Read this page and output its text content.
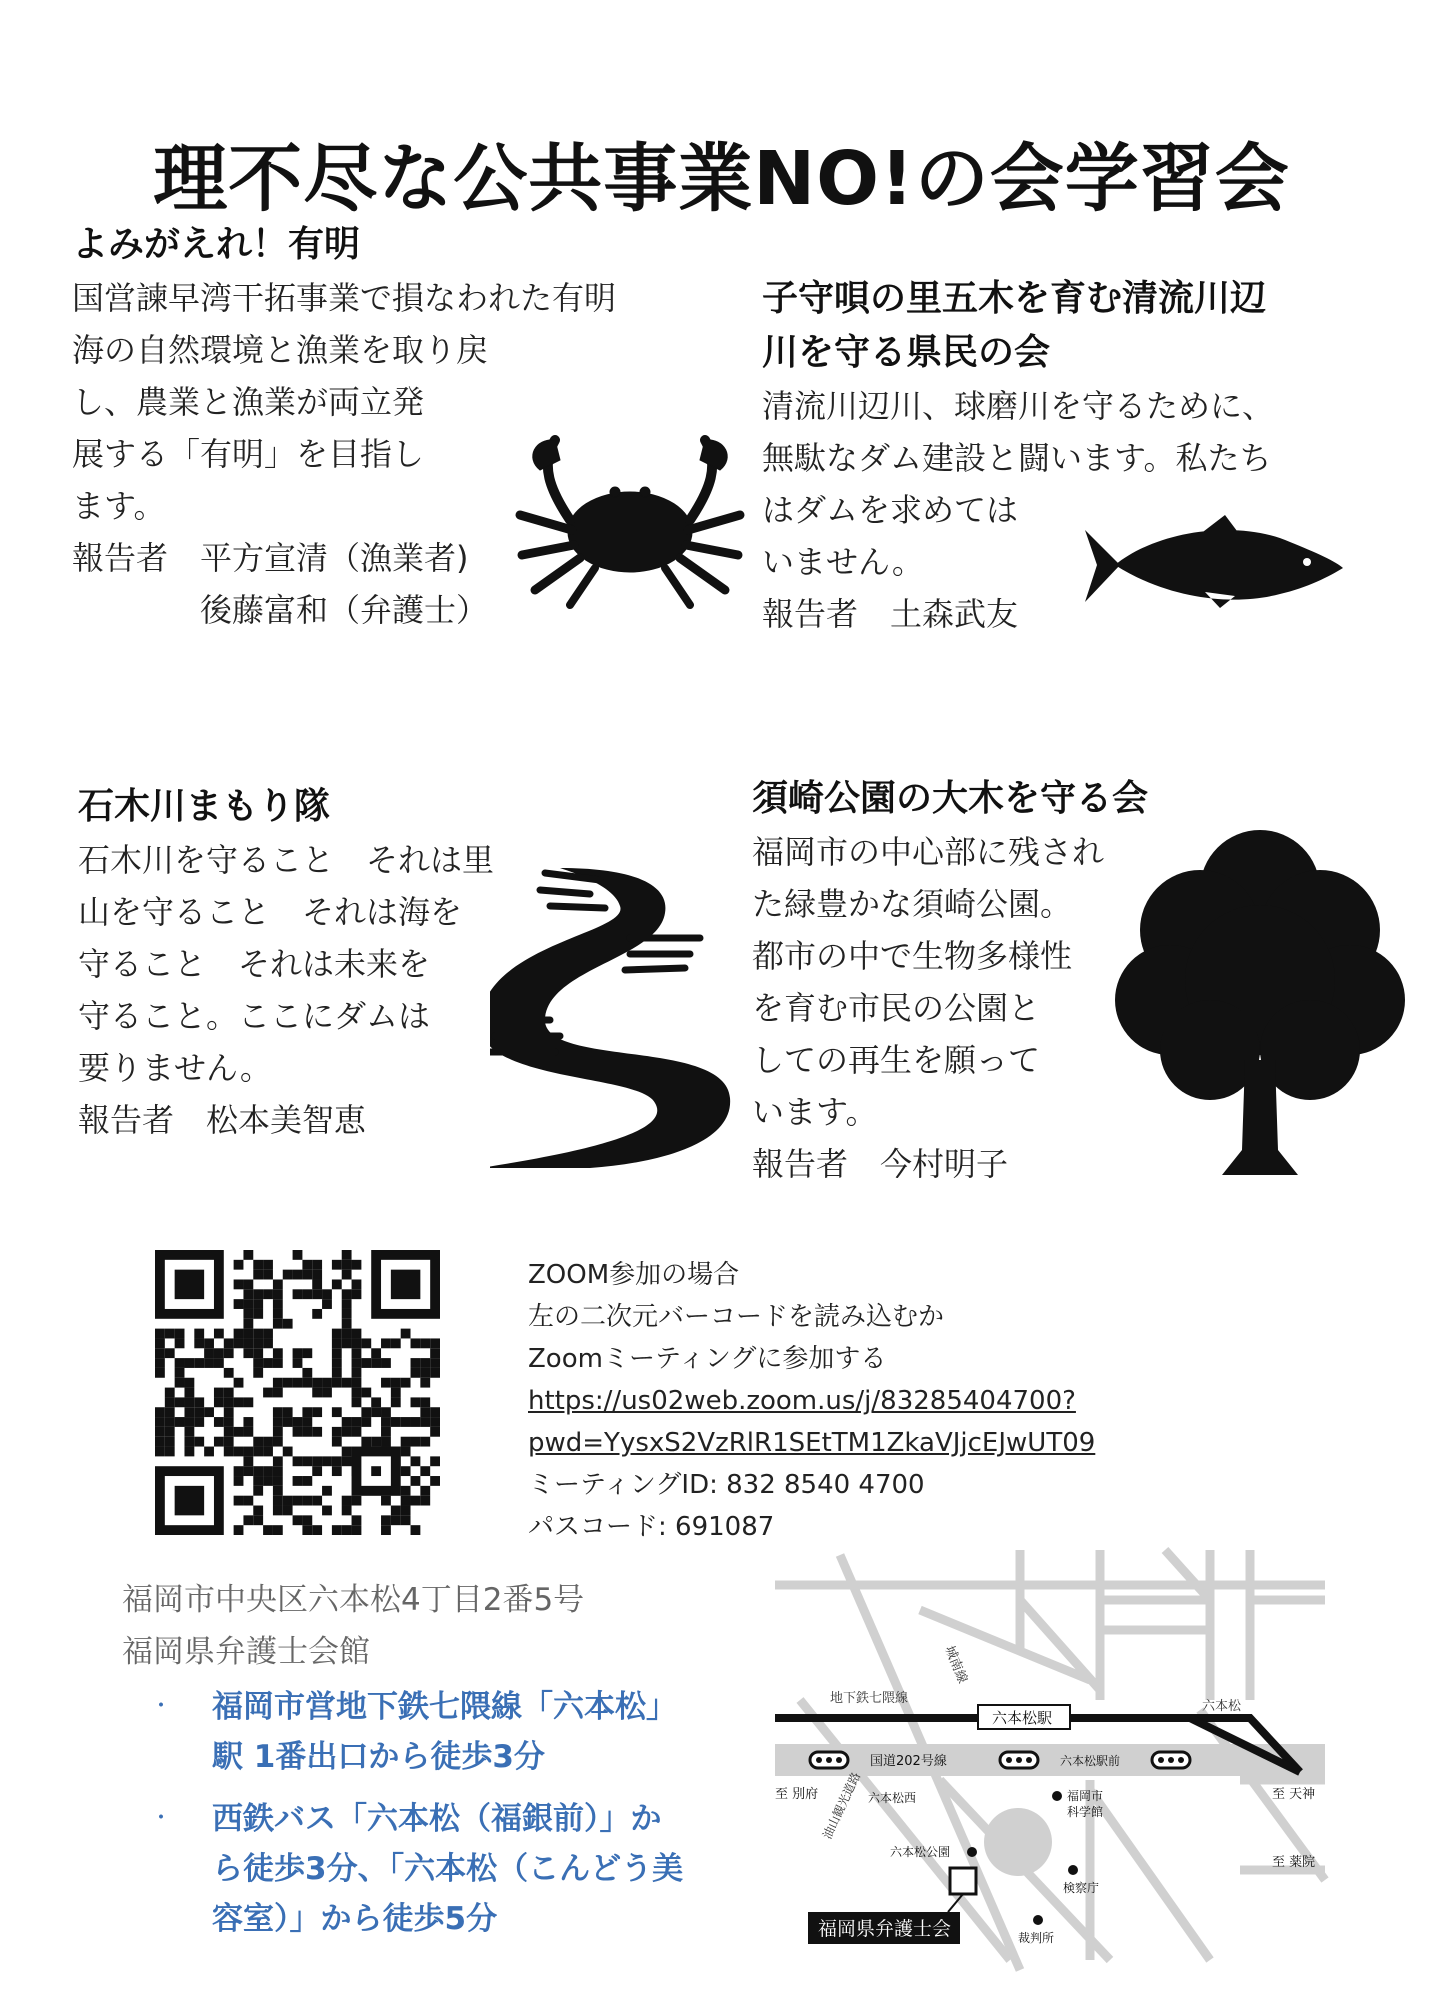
理不尽な公共事業NO!の会学習会
よみがえれ！有明
国営諫早湾干拓事業で損なわれた有明
海の自然環境と漁業を取り戻
し、農業と漁業が両立発
展する「有明」を目指し
ます。
報告者　平方宣清（漁業者)
　　　　後藤富和（弁護士）
子守唄の里五木を育む清流川辺
川を守る県民の会
清流川辺川、球磨川を守るために、
無駄なダム建設と闘います。私たち
はダムを求めては
いません。
報告者　土森武友
石木川まもり隊
石木川を守ること　それは里
山を守ること　それは海を
守ること　それは未来を
守ること。ここにダムは
要りません。
報告者　松本美智恵
須崎公園の大木を守る会
福岡市の中心部に残され
た緑豊かな須崎公園。
都市の中で生物多様性
を育む市民の公園と
しての再生を願って
います。
報告者　今村明子
ZOOM参加の場合
左の二次元バーコードを読み込むか
Zoomミーティングに参加する
https://us02web.zoom.us/j/83285404700?
pwd=YysxS2VzRlR1SEtTM1ZkaVJjcEJwUT09
ミーティングID: 832 8540 4700
パスコード: 691087
福岡市中央区六本松4丁目2番5号
福岡県弁護士会館
・	福岡市営地下鉄七隈線「六本松」
駅 1番出口から徒歩3分
・	西鉄バス「六本松（福銀前）」か
ら徒歩3分、「六本松（こんどう美
容室）」から徒歩5分
城南線
地下鉄七隈線
六本松駅
六本松
国道202号線	六本松駅前
至 別府	六本松西	福岡市
科学館
至 天神
至 薬院
油山観光道路
六本松公園
検察庁
裁判所
福岡県弁護士会
